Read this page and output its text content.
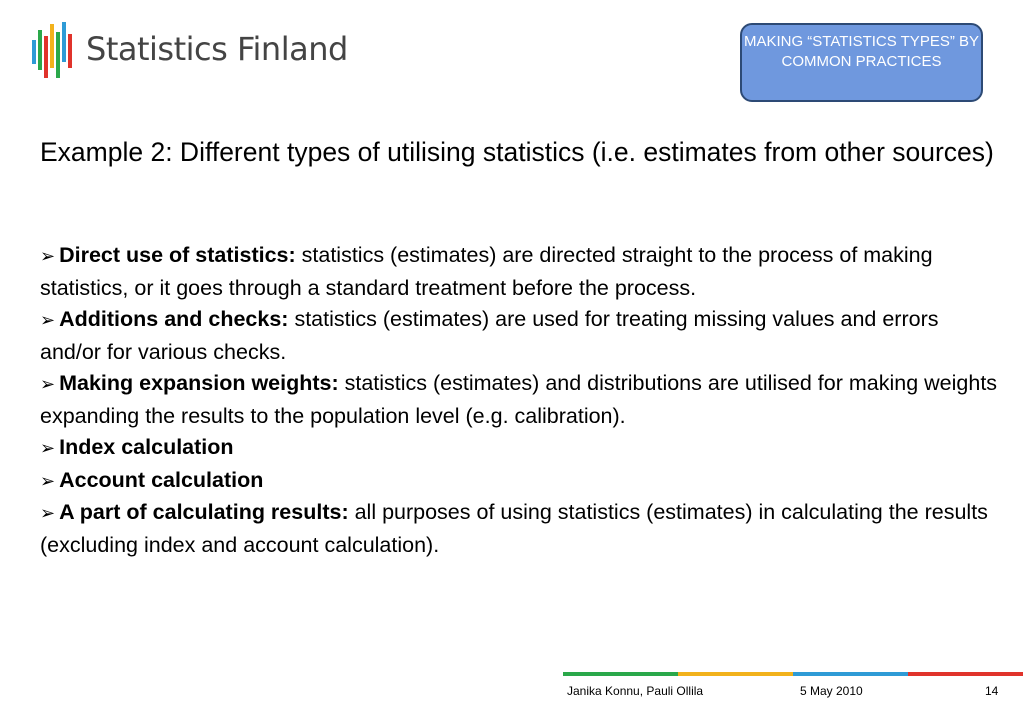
Statistics Finland	MAKING “STATISTICS TYPES” BY COMMON PRACTICES
Example 2: Different types of utilising statistics (i.e. estimates from other sources)

➢ Direct use of statistics: statistics (estimates) are directed straight to the process of making statistics, or it goes through a standard treatment before the process.

➢ Additions and checks: statistics (estimates) are used for treating missing values and errors and/or for various checks.

➢ Making expansion weights: statistics (estimates) and distributions are utilised for making weights expanding the results to the population level (e.g. calibration).

➢ Index calculation

➢ Account calculation

➢ A part of calculating results: all purposes of using statistics (estimates) in calculating the results (excluding index and account calculation).

Janika Konnu, Pauli Ollila	5 May 2010	14
